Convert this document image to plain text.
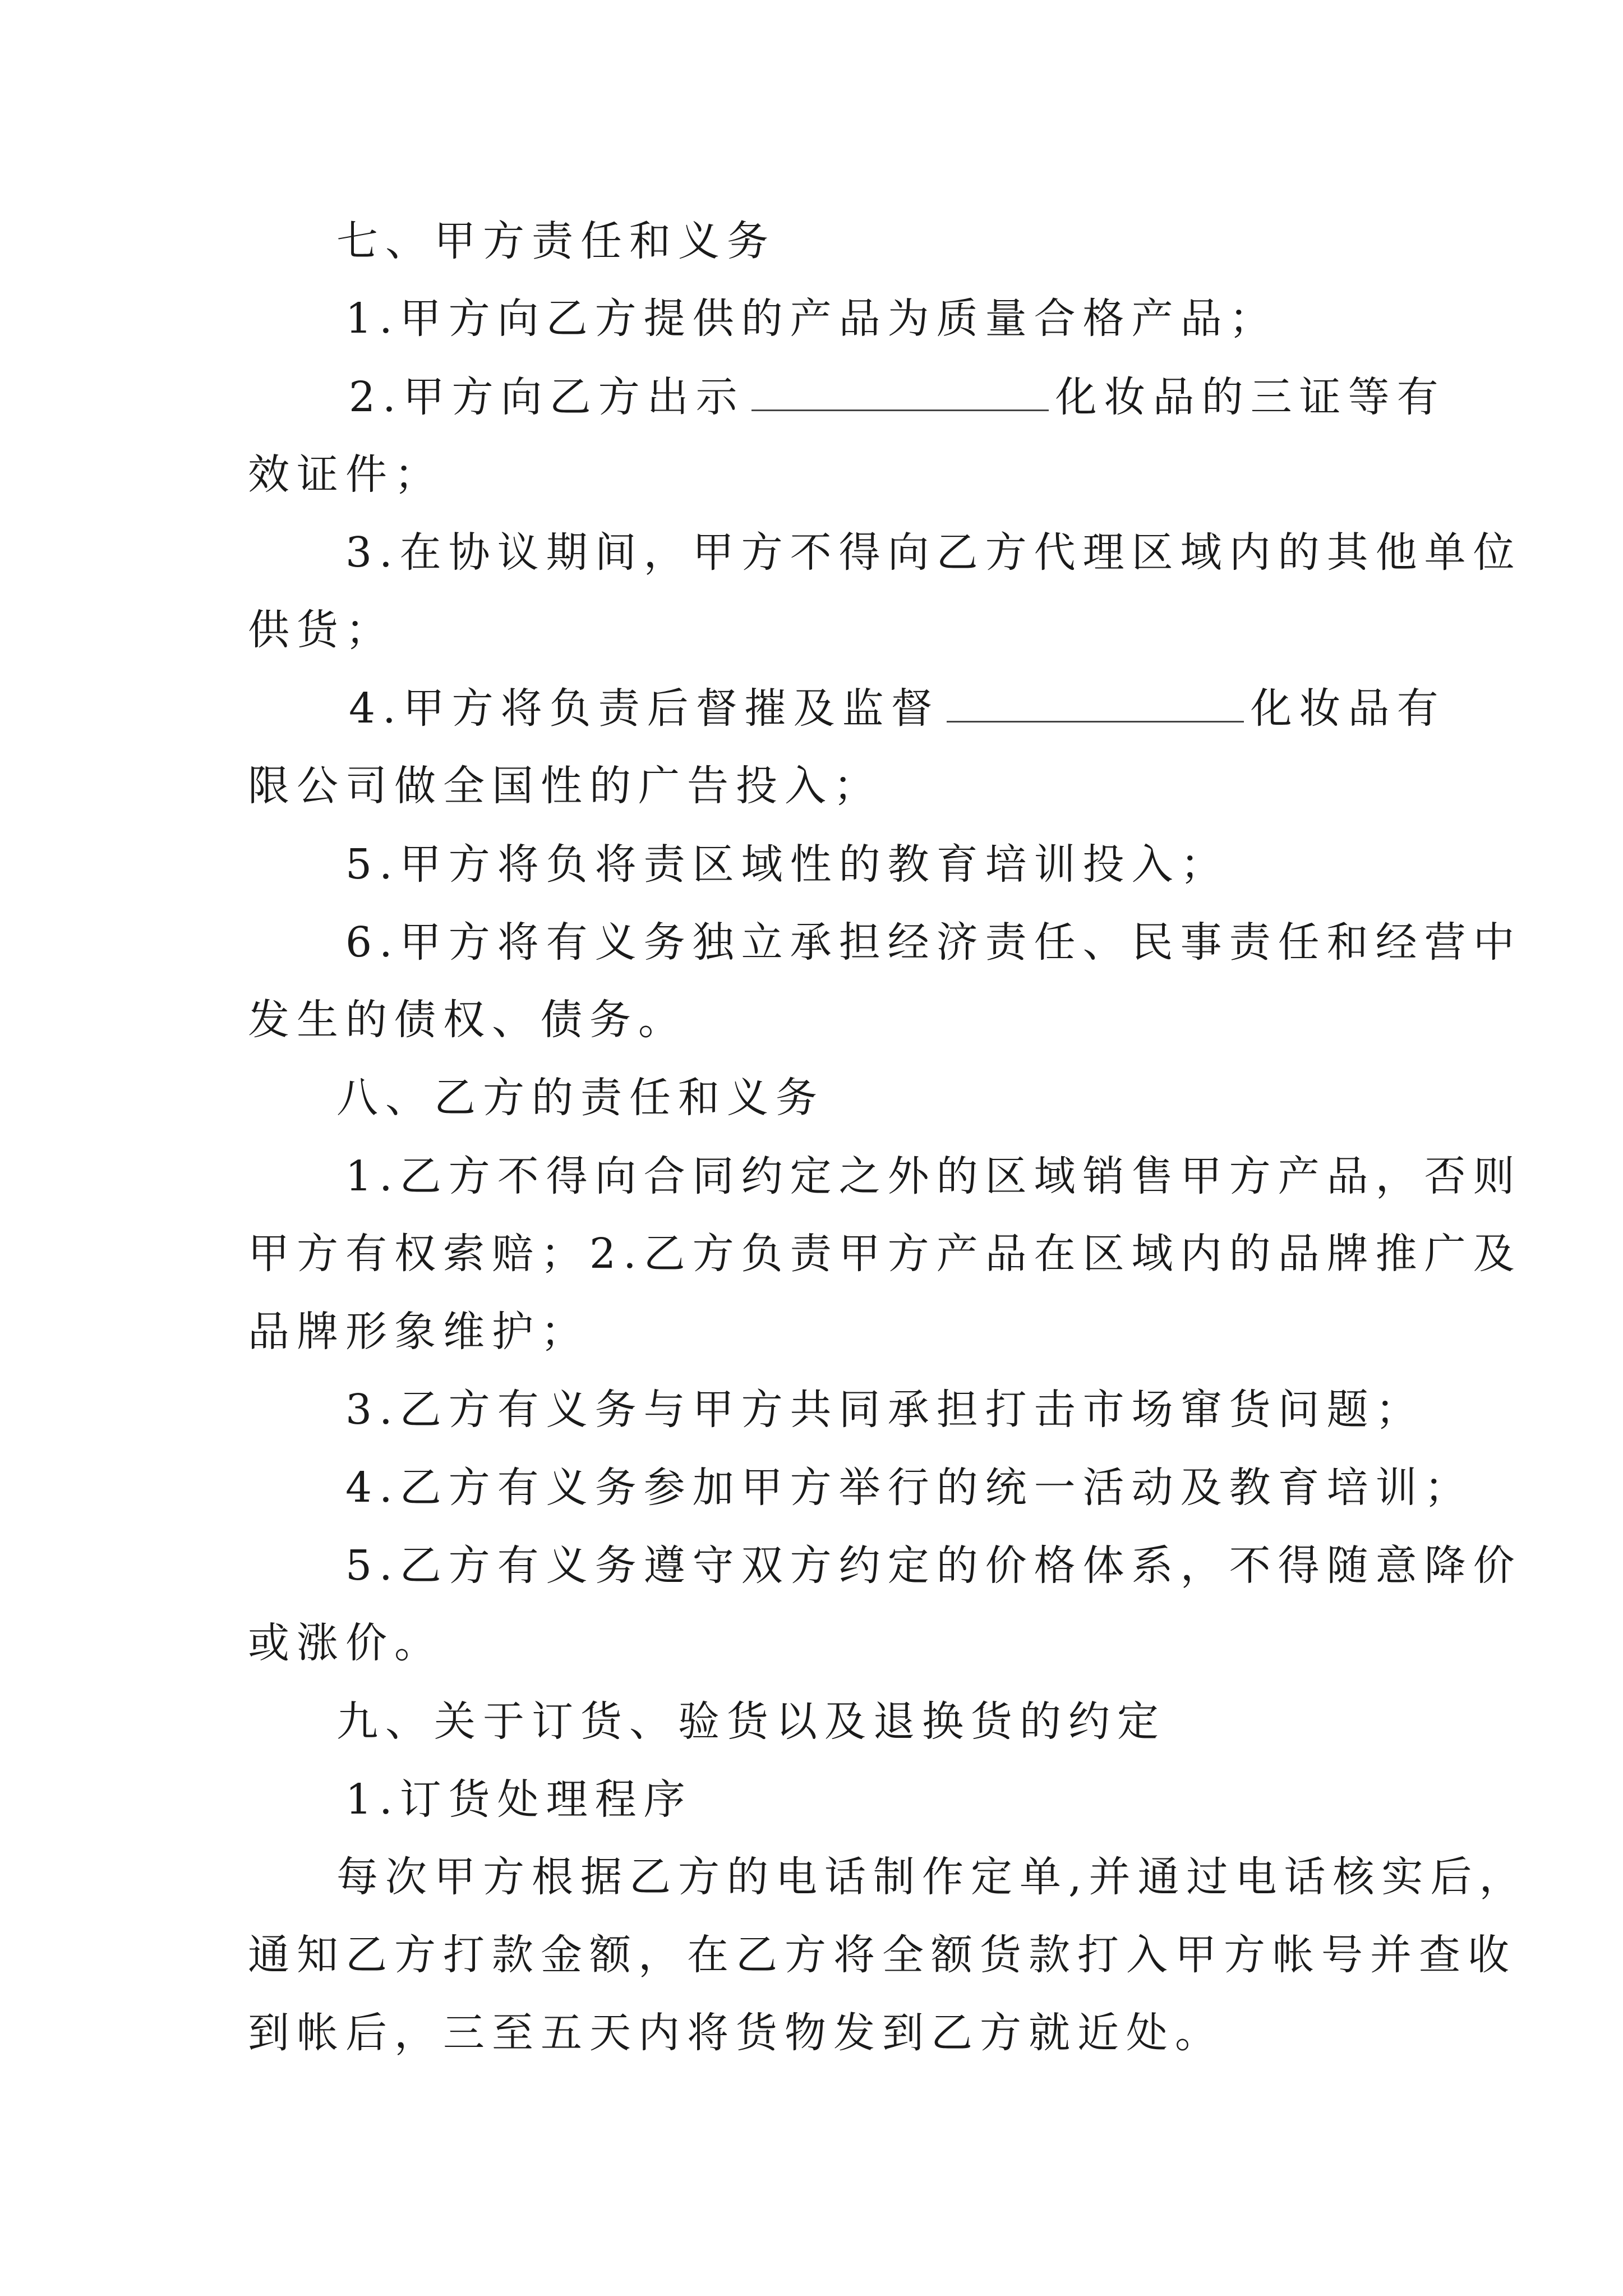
七、甲方责任和义务
1.甲方向乙方提供的产品为质量合格产品；
2.甲方向乙方出示	化妆品的三证等有
效证件；
3.在协议期间，甲方不得向乙方代理区域内的其他单位
供货；
4.甲方将负责后督摧及监督	化妆品有
限公司做全国性的广告投入；
5.甲方将负将责区域性的教育培训投入；
6.甲方将有义务独立承担经济责任、民事责任和经营中
发生的债权、债务。
八、乙方的责任和义务
1.乙方不得向合同约定之外的区域销售甲方产品，否则
甲方有权索赔；2.乙方负责甲方产品在区域内的品牌推广及
品牌形象维护；
3.乙方有义务与甲方共同承担打击市场窜货问题；
4.乙方有义务参加甲方举行的统一活动及教育培训；
5.乙方有义务遵守双方约定的价格体系，不得随意降价
或涨价。
九、关于订货、验货以及退换货的约定
1.订货处理程序
每次甲方根据乙方的电话制作定单,并通过电话核实后，
通知乙方打款金额，在乙方将全额货款打入甲方帐号并查收
到帐后，三至五天内将货物发到乙方就近处。
